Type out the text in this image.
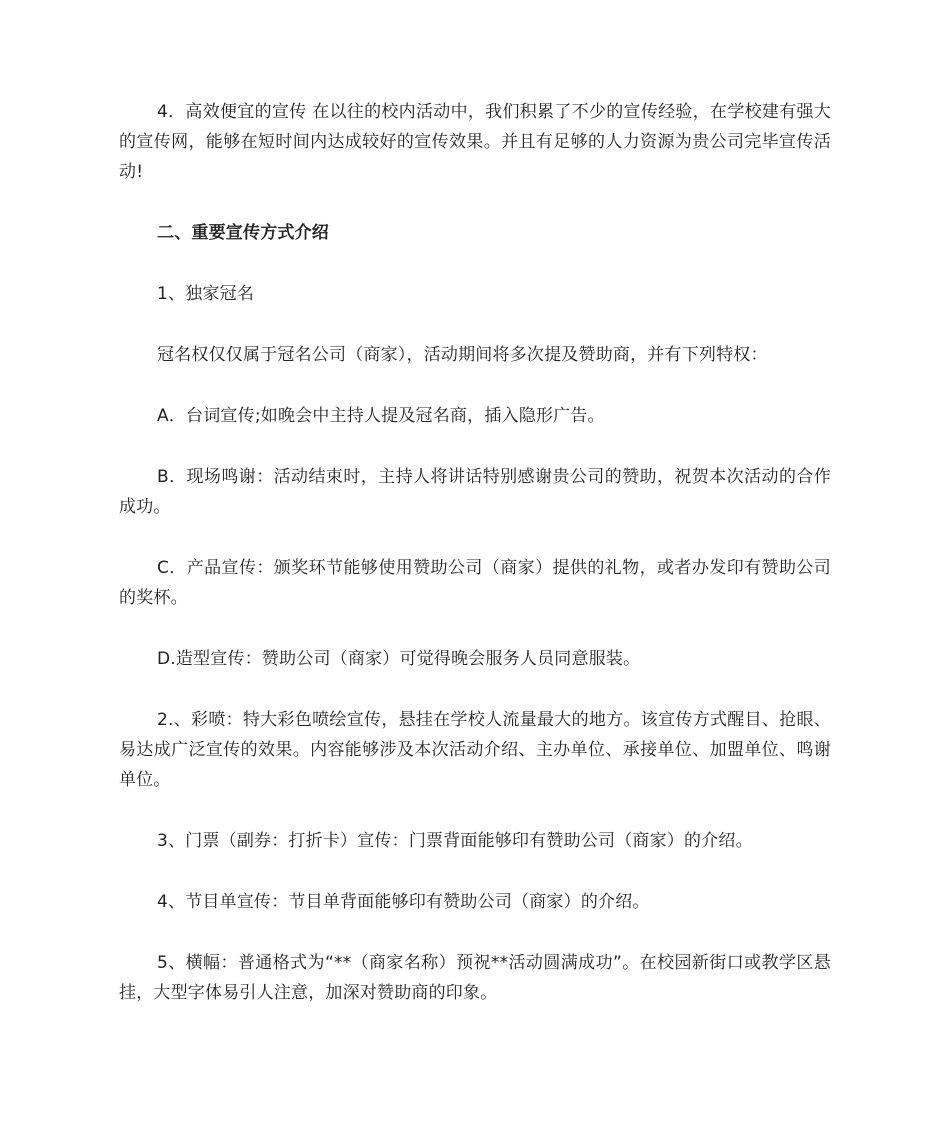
4．高效便宜的宣传 在以往的校内活动中，我们积累了不少的宣传经验，在学校建有强大的宣传网，能够在短时间内达成较好的宣传效果。并且有足够的人力资源为贵公司完毕宣传活动!

二、重要宣传方式介绍

1、独家冠名

冠名权仅仅属于冠名公司（商家），活动期间将多次提及赞助商，并有下列特权：

A．台词宣传;如晚会中主持人提及冠名商，插入隐形广告。

B．现场鸣谢：活动结束时，主持人将讲话特别感谢贵公司的赞助，祝贺本次活动的合作成功。

C．产品宣传：颁奖环节能够使用赞助公司（商家）提供的礼物，或者办发印有赞助公司的奖杯。

D.造型宣传：赞助公司（商家）可觉得晚会服务人员同意服装。

2.、彩喷：特大彩色喷绘宣传，悬挂在学校人流量最大的地方。该宣传方式醒目、抢眼、易达成广泛宣传的效果。内容能够涉及本次活动介绍、主办单位、承接单位、加盟单位、鸣谢单位。

3、门票（副券：打折卡）宣传：门票背面能够印有赞助公司（商家）的介绍。

4、节目单宣传：节目单背面能够印有赞助公司（商家）的介绍。

5、横幅：普通格式为“**（商家名称）预祝**活动圆满成功”。在校园新街口或教学区悬挂，大型字体易引人注意，加深对赞助商的印象。
